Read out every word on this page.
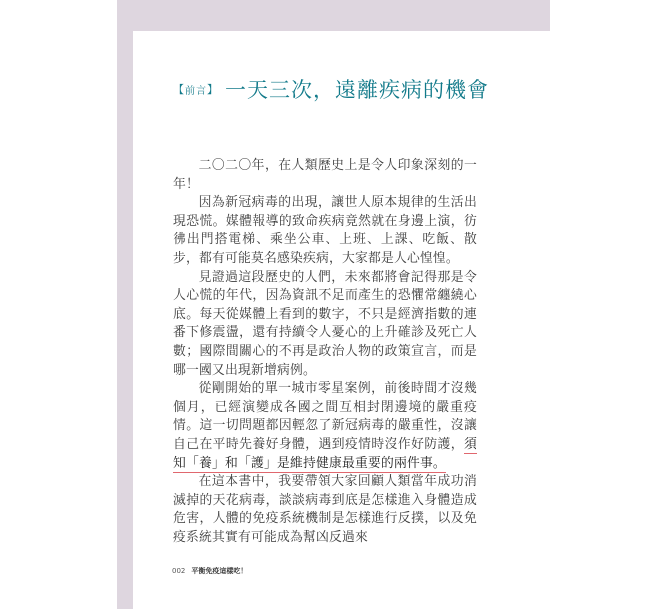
【 前言 】 一天三次，遠離疾病的機會

二〇二〇年，在人類歷史上是令人印象深刻的一年！

因為新冠病毒的出現，讓世人原本規律的生活出現恐慌。媒體報導的致命疾病竟然就在身邊上演，彷彿出門搭電梯、乘坐公車、上班、上課、吃飯、散步，都有可能莫名感染疾病，大家都是人心惶惶。

見證過這段歷史的人們，未來都將會記得那是令人心慌的年代，因為資訊不足而產生的恐懼常纏繞心底。每天從媒體上看到的數字，不只是經濟指數的連番下修震盪，還有持續令人憂心的上升確診及死亡人數；國際間關心的不再是政治人物的政策宣言，而是哪一國又出現新增病例。

從剛開始的單一城市零星案例，前後時間才沒幾個月，已經演變成各國之間互相封閉邊境的嚴重疫情。這一切問題都因輕忽了新冠病毒的嚴重性，沒讓自己在平時先養好身體，遇到疫情時沒作好防護，須知「養」和「護」是維持健康最重要的兩件事。

在這本書中，我要帶領大家回顧人類當年成功消滅掉的天花病毒，談談病毒到底是怎樣進入身體造成危害，人體的免疫系統機制是怎樣進行反撲，以及免疫系統其實有可能成為幫凶反過來

002 平衡免疫這樣吃！
